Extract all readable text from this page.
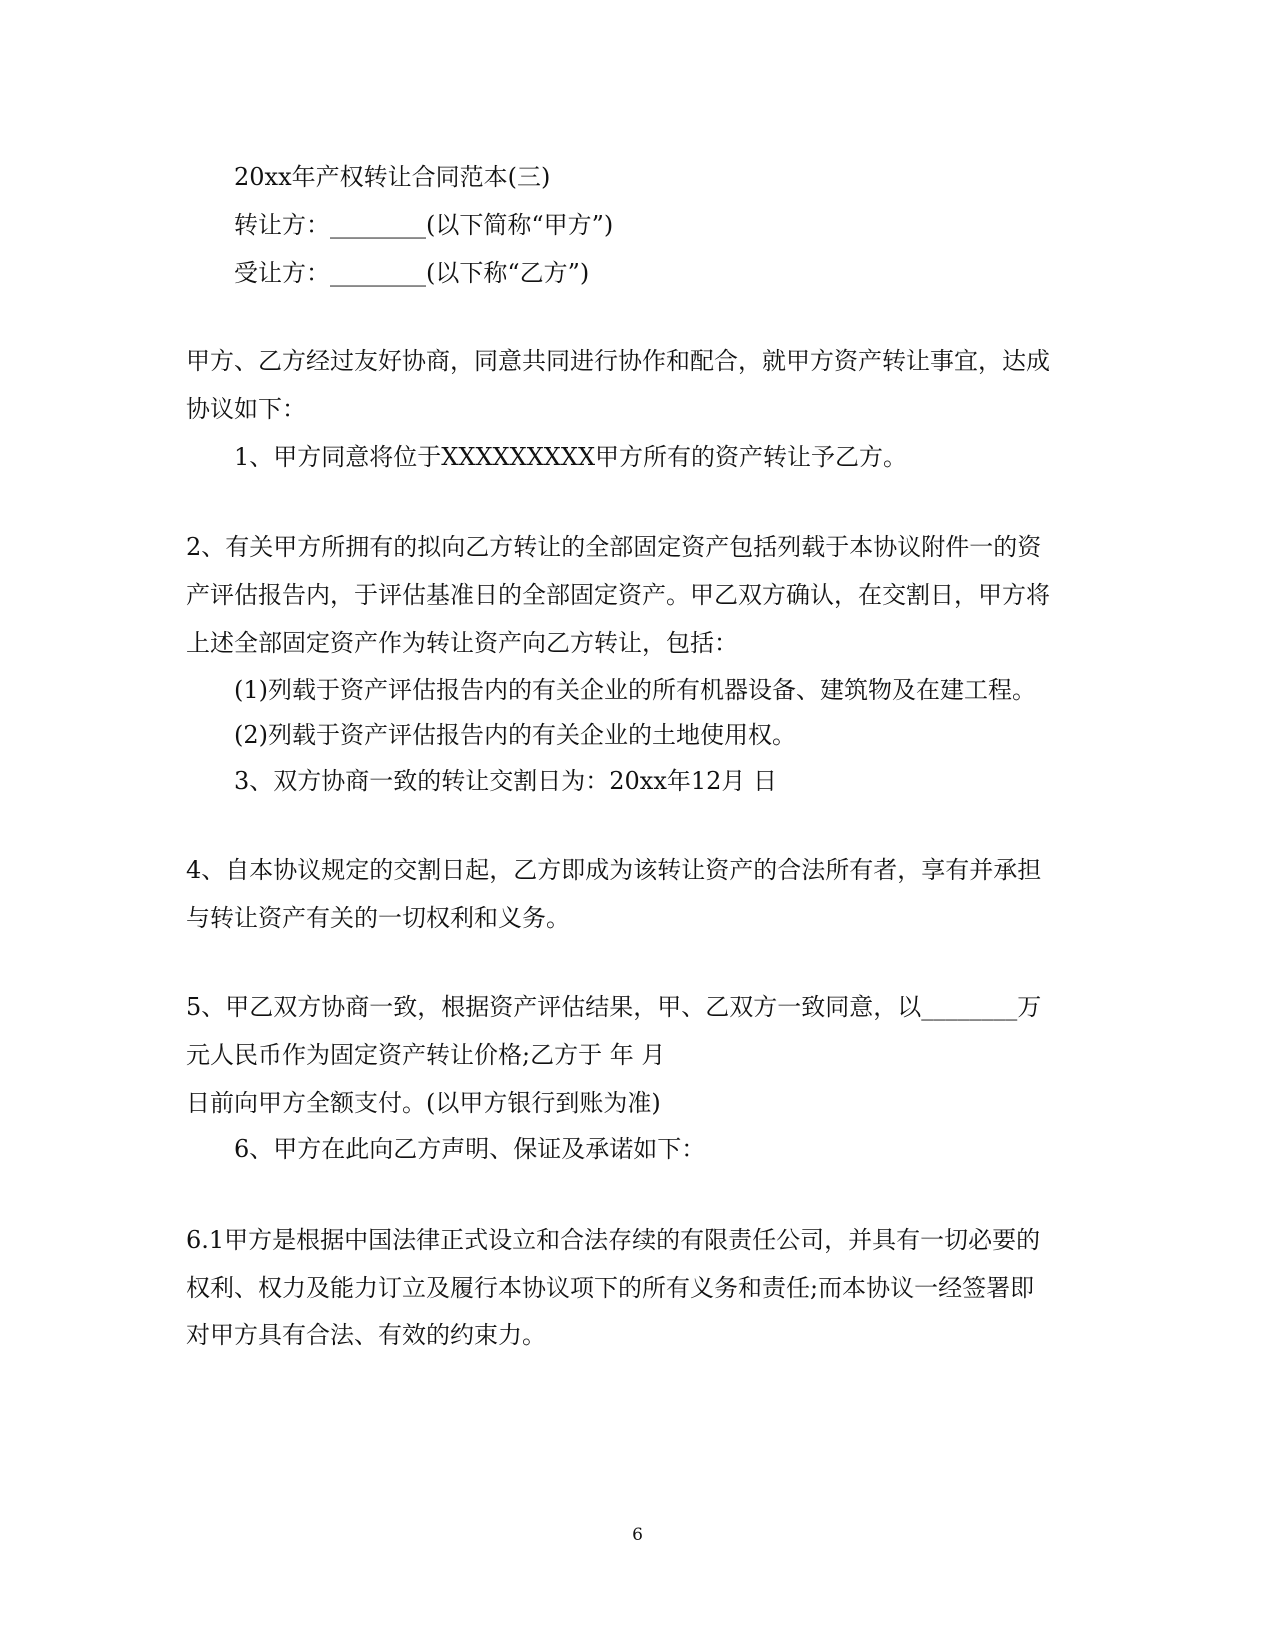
20xx年产权转让合同范本(三)
转让方：________(以下简称“甲方”)
受让方：________(以下称“乙方”)
甲方、乙方经过友好协商，同意共同进行协作和配合，就甲方资产转让事宜，达成
协议如下：
1、甲方同意将位于XXXXXXXXX甲方所有的资产转让予乙方。
2、有关甲方所拥有的拟向乙方转让的全部固定资产包括列载于本协议附件一的资
产评估报告内，于评估基准日的全部固定资产。甲乙双方确认，在交割日，甲方将
上述全部固定资产作为转让资产向乙方转让，包括：
(1)列载于资产评估报告内的有关企业的所有机器设备、建筑物及在建工程。
(2)列载于资产评估报告内的有关企业的土地使用权。
3、双方协商一致的转让交割日为：20xx年12月 日
4、自本协议规定的交割日起，乙方即成为该转让资产的合法所有者，享有并承担
与转让资产有关的一切权利和义务。
5、甲乙双方协商一致，根据资产评估结果，甲、乙双方一致同意，以________万
元人民币作为固定资产转让价格;乙方于 年 月
日前向甲方全额支付。(以甲方银行到账为准)
6、甲方在此向乙方声明、保证及承诺如下：
6.1甲方是根据中国法律正式设立和合法存续的有限责任公司，并具有一切必要的
权利、权力及能力订立及履行本协议项下的所有义务和责任;而本协议一经签署即
对甲方具有合法、有效的约束力。
6
